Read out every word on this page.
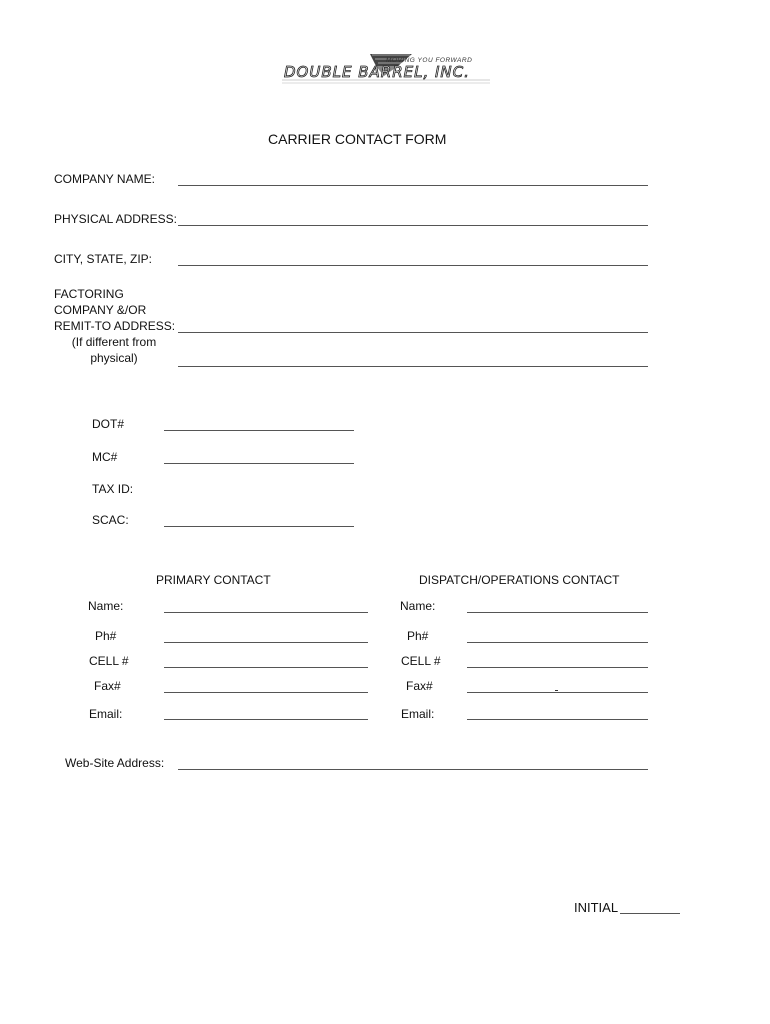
MOVING YOU FORWARD
DOUBLE BARREL, INC.
CARRIER CONTACT FORM
COMPANY NAME:
PHYSICAL ADDRESS:
CITY, STATE, ZIP:
FACTORING
COMPANY &/OR
REMIT-TO ADDRESS:
(If different from
physical)
DOT#
MC#
TAX ID:
SCAC:
PRIMARY CONTACT	DISPATCH/OPERATIONS CONTACT
Name:
Ph#
CELL #
Fax#
Email:
Name:
Ph#
CELL #
Fax#
Email:
Web-Site Address:
INITIAL
